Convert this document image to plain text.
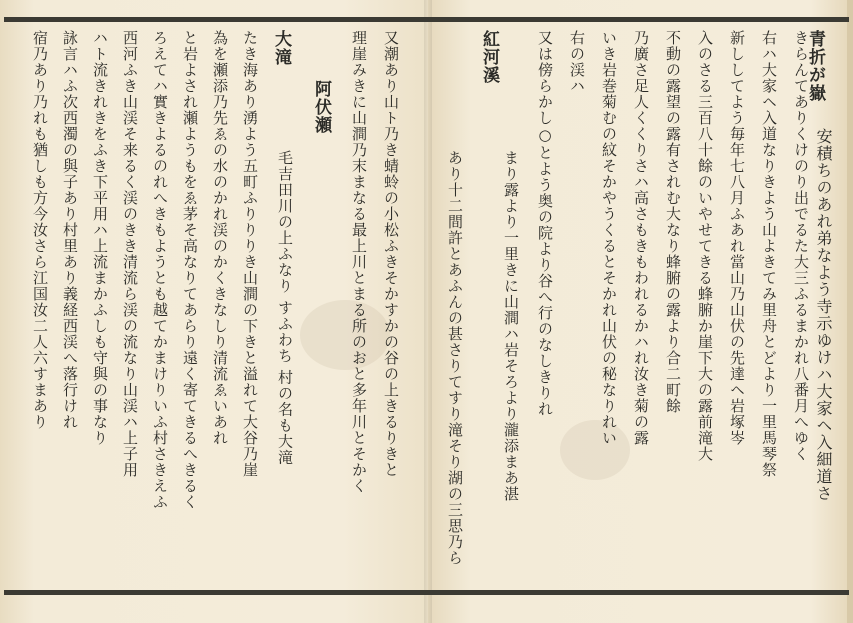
青折が嶽
安積ちのあれ弟なよう寺示ゆけハ大家ヘ入細道さ
きらんてありくけのり出でるた大三ふるまかれ八番月へゆく
右ハ大家ヘ入道なりきよう山よきてみ里舟とどより一里馬琴祭
新ししてよう毎年七八月ふあれ當山乃山伏の先達ヘ岩塚岑
入のさる三百八十餘のいやせてきる蜂腑か崖下大の露前滝大
不動の露望の露有されむ大なり蜂腑の露より合二町餘
乃廣さ足人くくりさハ高さもきもわれるかハれ汝き菊の露
いき岩巻菊むの紋そかやうくるとそかれ山伏の秘なりれい
右の渓ハ
又は傍らかし○とよう奥の院より谷へ行のなしきりれ
紅河溪
まり露より一里きに山澗ハ岩そろより瀧添まあ湛
あり十二間許とあふんの甚さりてすり滝そり湖の三思乃ら
又潮あり山ト乃き蜻蛉の小松ふきそかすかの谷の上きるりきと
理崖みきに山澗乃末まなる最上川とまる所のおと多年川とそかく
阿伏瀬
毛吉田川の上ふなり すふわち 村の名も大滝
大滝
たき海あり湧よう五町ふりりりき山澗の下きと溢れて大谷乃崖
為を瀬添乃先ゑの水のかれ渓のかくきなしり清流ゑいあれ
と岩よされ瀬ようもをゑ茅そ高なりてあらり遠く寄てきるへきるく
ろえてハ實きよるのれへきもようとも越てかまけりいふ村さきえふ
西河ふき山渓そ来るく渓のきき清流ら渓の流なり山渓ハ上子用
ハト流きれきをふき下平用ハ上流まかふしも守與の事なり
詠言ハふ次西濁の與子あり村里あり義経西渓へ落行けれ
宿乃あり乃れも猶しも方今汝さら江国汝二人六すまあり
